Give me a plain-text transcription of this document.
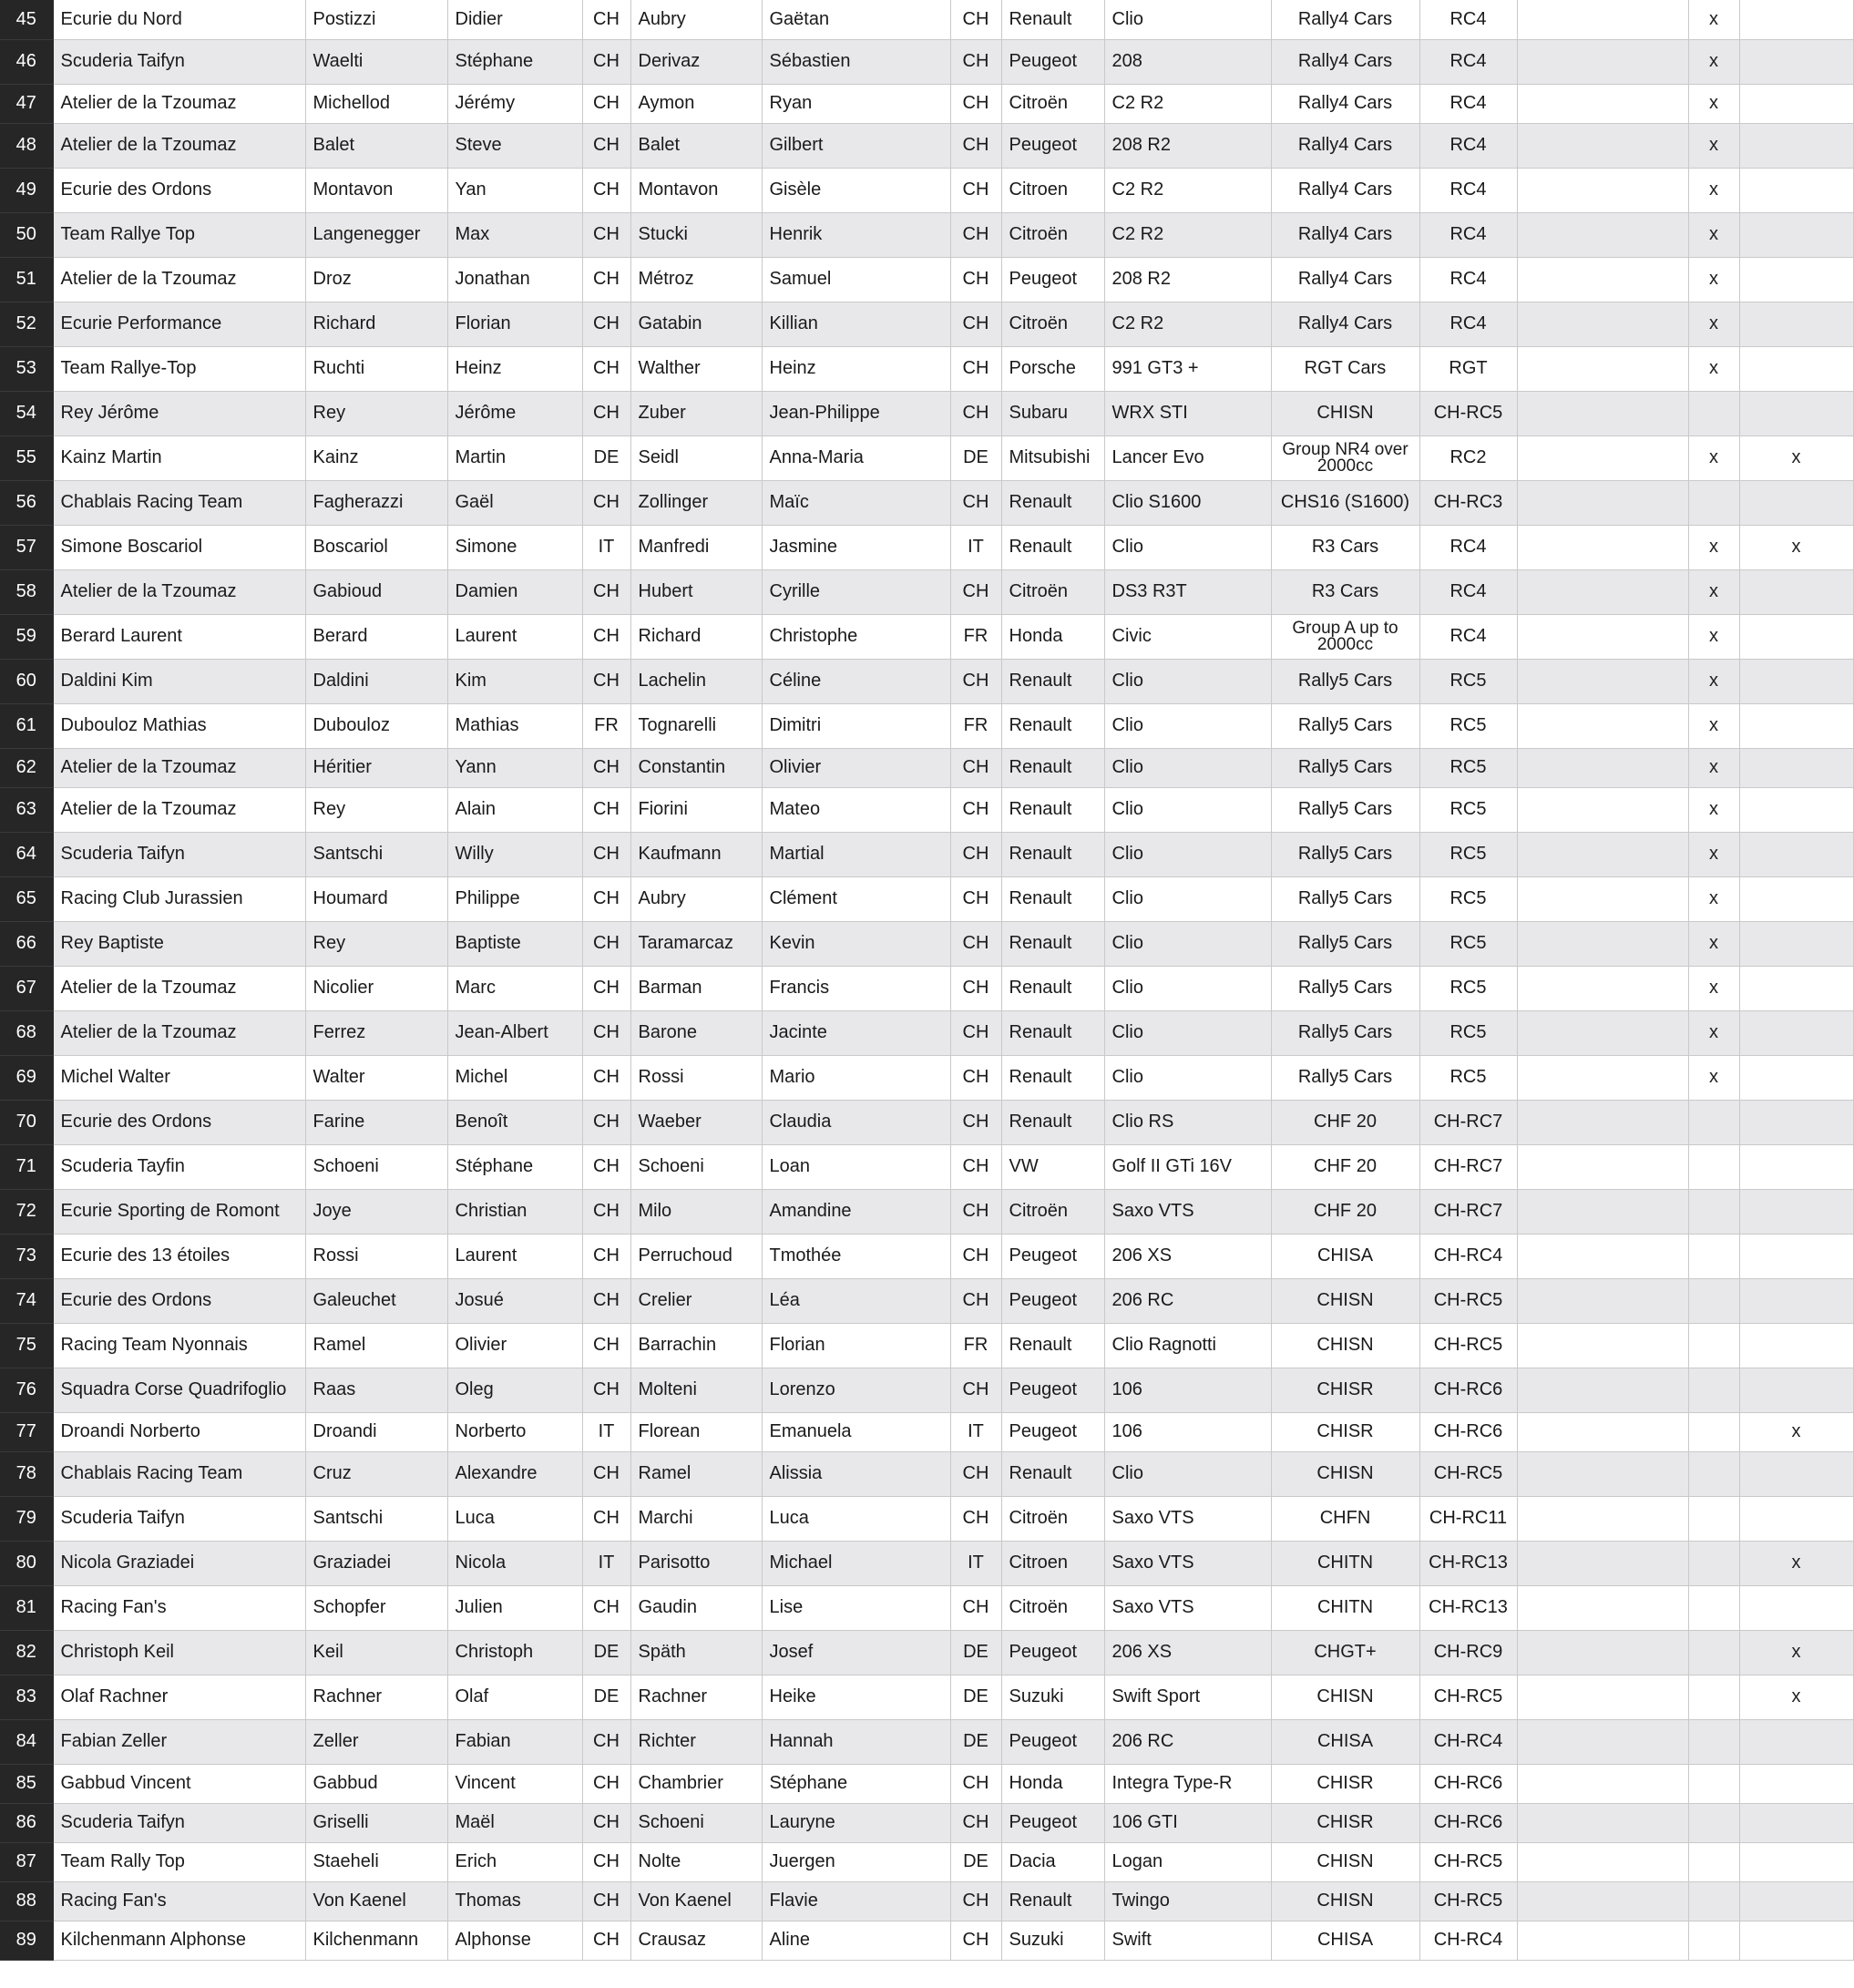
45	Ecurie du Nord	Postizzi	Didier	CH	Aubry	Gaëtan	CH	Renault	Clio	Rally4 Cars	RC4		x	
46	Scuderia Taifyn	Waelti	Stéphane	CH	Derivaz	Sébastien	CH	Peugeot	208	Rally4 Cars	RC4		x	
47	Atelier de la Tzoumaz	Michellod	Jérémy	CH	Aymon	Ryan	CH	Citroën	C2 R2	Rally4 Cars	RC4		x	
48	Atelier de la Tzoumaz	Balet	Steve	CH	Balet	Gilbert	CH	Peugeot	208 R2	Rally4 Cars	RC4		x	
49	Ecurie des Ordons	Montavon	Yan	CH	Montavon	Gisèle	CH	Citroen	C2 R2	Rally4 Cars	RC4		x	
50	Team Rallye Top	Langenegger	Max	CH	Stucki	Henrik	CH	Citroën	C2 R2	Rally4 Cars	RC4		x	
51	Atelier de la Tzoumaz	Droz	Jonathan	CH	Métroz	Samuel	CH	Peugeot	208 R2	Rally4 Cars	RC4		x	
52	Ecurie Performance	Richard	Florian	CH	Gatabin	Killian	CH	Citroën	C2 R2	Rally4 Cars	RC4		x	
53	Team Rallye-Top	Ruchti	Heinz	CH	Walther	Heinz	CH	Porsche	991 GT3 +	RGT Cars	RGT		x	
54	Rey Jérôme	Rey	Jérôme	CH	Zuber	Jean-Philippe	CH	Subaru	WRX STI	CHISN	CH-RC5			
55	Kainz Martin	Kainz	Martin	DE	Seidl	Anna-Maria	DE	Mitsubishi	Lancer Evo	Group NR4 over 2000cc	RC2		x	x
56	Chablais Racing Team	Fagherazzi	Gaël	CH	Zollinger	Maïc	CH	Renault	Clio S1600	CHS16 (S1600)	CH-RC3			
57	Simone Boscariol	Boscariol	Simone	IT	Manfredi	Jasmine	IT	Renault	Clio	R3 Cars	RC4		x	x
58	Atelier de la Tzoumaz	Gabioud	Damien	CH	Hubert	Cyrille	CH	Citroën	DS3 R3T	R3 Cars	RC4		x	
59	Berard Laurent	Berard	Laurent	CH	Richard	Christophe	FR	Honda	Civic	Group A up to 2000cc	RC4		x	
60	Daldini Kim	Daldini	Kim	CH	Lachelin	Céline	CH	Renault	Clio	Rally5 Cars	RC5		x	
61	Dubouloz Mathias	Dubouloz	Mathias	FR	Tognarelli	Dimitri	FR	Renault	Clio	Rally5 Cars	RC5		x	
62	Atelier de la Tzoumaz	Héritier	Yann	CH	Constantin	Olivier	CH	Renault	Clio	Rally5 Cars	RC5		x	
63	Atelier de la Tzoumaz	Rey	Alain	CH	Fiorini	Mateo	CH	Renault	Clio	Rally5 Cars	RC5		x	
64	Scuderia Taifyn	Santschi	Willy	CH	Kaufmann	Martial	CH	Renault	Clio	Rally5 Cars	RC5		x	
65	Racing Club Jurassien	Houmard	Philippe	CH	Aubry	Clément	CH	Renault	Clio	Rally5 Cars	RC5		x	
66	Rey Baptiste	Rey	Baptiste	CH	Taramarcaz	Kevin	CH	Renault	Clio	Rally5 Cars	RC5		x	
67	Atelier de la Tzoumaz	Nicolier	Marc	CH	Barman	Francis	CH	Renault	Clio	Rally5 Cars	RC5		x	
68	Atelier de la Tzoumaz	Ferrez	Jean-Albert	CH	Barone	Jacinte	CH	Renault	Clio	Rally5 Cars	RC5		x	
69	Michel Walter	Walter	Michel	CH	Rossi	Mario	CH	Renault	Clio	Rally5 Cars	RC5		x	
70	Ecurie des Ordons	Farine	Benoît	CH	Waeber	Claudia	CH	Renault	Clio RS	CHF 20	CH-RC7			
71	Scuderia Tayfin	Schoeni	Stéphane	CH	Schoeni	Loan	CH	VW	Golf II GTi 16V	CHF 20	CH-RC7			
72	Ecurie Sporting de Romont	Joye	Christian	CH	Milo	Amandine	CH	Citroën	Saxo VTS	CHF 20	CH-RC7			
73	Ecurie des 13 étoiles	Rossi	Laurent	CH	Perruchoud	Tmothée	CH	Peugeot	206 XS	CHISA	CH-RC4			
74	Ecurie des Ordons	Galeuchet	Josué	CH	Crelier	Léa	CH	Peugeot	206 RC	CHISN	CH-RC5			
75	Racing Team Nyonnais	Ramel	Olivier	CH	Barrachin	Florian	FR	Renault	Clio Ragnotti	CHISN	CH-RC5			
76	Squadra Corse Quadrifoglio	Raas	Oleg	CH	Molteni	Lorenzo	CH	Peugeot	106	CHISR	CH-RC6			
77	Droandi Norberto	Droandi	Norberto	IT	Florean	Emanuela	IT	Peugeot	106	CHISR	CH-RC6			x
78	Chablais Racing Team	Cruz	Alexandre	CH	Ramel	Alissia	CH	Renault	Clio	CHISN	CH-RC5			
79	Scuderia Taifyn	Santschi	Luca	CH	Marchi	Luca	CH	Citroën	Saxo VTS	CHFN	CH-RC11			
80	Nicola Graziadei	Graziadei	Nicola	IT	Parisotto	Michael	IT	Citroen	Saxo VTS	CHITN	CH-RC13			x
81	Racing Fan's	Schopfer	Julien	CH	Gaudin	Lise	CH	Citroën	Saxo VTS	CHITN	CH-RC13			
82	Christoph Keil	Keil	Christoph	DE	Späth	Josef	DE	Peugeot	206 XS	CHGT+	CH-RC9			x
83	Olaf Rachner	Rachner	Olaf	DE	Rachner	Heike	DE	Suzuki	Swift Sport	CHISN	CH-RC5			x
84	Fabian Zeller	Zeller	Fabian	CH	Richter	Hannah	DE	Peugeot	206 RC	CHISA	CH-RC4			
85	Gabbud Vincent	Gabbud	Vincent	CH	Chambrier	Stéphane	CH	Honda	Integra Type-R	CHISR	CH-RC6			
86	Scuderia Taifyn	Griselli	Maël	CH	Schoeni	Lauryne	CH	Peugeot	106 GTI	CHISR	CH-RC6			
87	Team Rally Top	Staeheli	Erich	CH	Nolte	Juergen	DE	Dacia	Logan	CHISN	CH-RC5			
88	Racing Fan's	Von Kaenel	Thomas	CH	Von Kaenel	Flavie	CH	Renault	Twingo	CHISN	CH-RC5			
89	Kilchenmann Alphonse	Kilchenmann	Alphonse	CH	Crausaz	Aline	CH	Suzuki	Swift	CHISA	CH-RC4			
